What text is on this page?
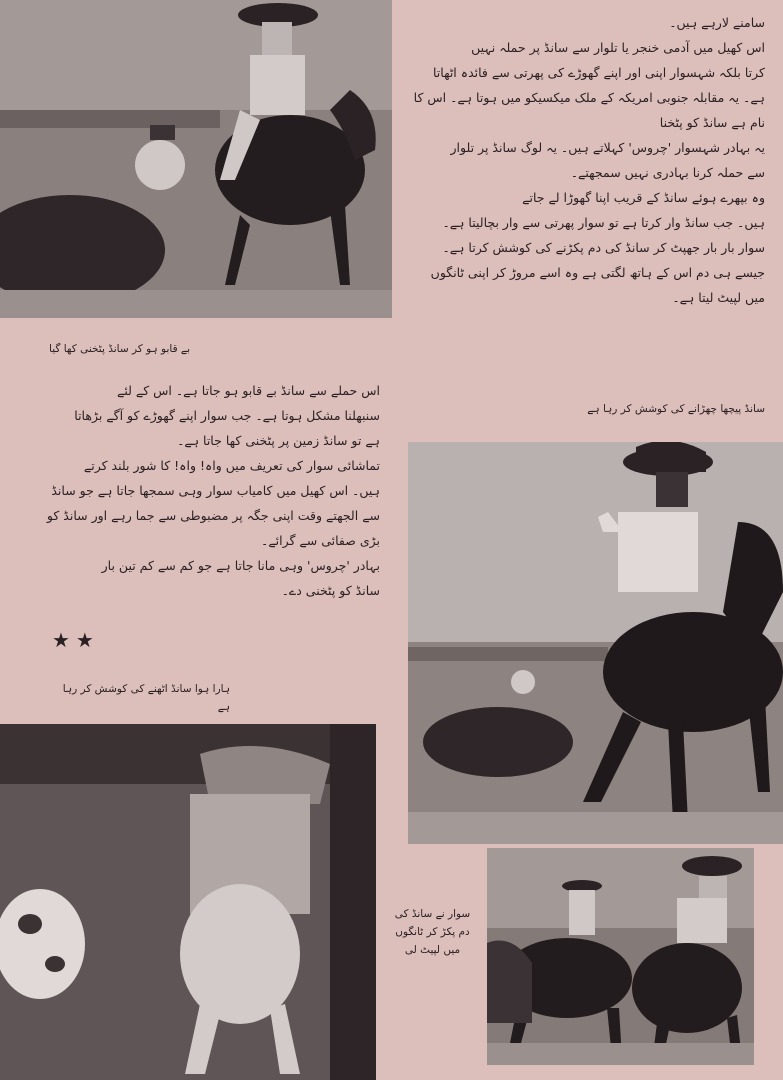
سامنے لارہے ہیں۔

اس کھیل میں آدمی خنجر یا تلوار سے سانڈ پر حملہ نہیں

کرتا بلکہ شہسوار اپنی اور اپنے گھوڑے کی پھرتی سے فائدہ اٹھاتا

ہے۔ یہ مقابلہ جنوبی امریکہ کے ملک میکسیکو میں ہوتا ہے۔ اس کا

نام ہے سانڈ کو پٹخنا

یہ بہادر شہسوار 'چروس' کہلاتے ہیں۔ یہ لوگ سانڈ پر تلوار

سے حملہ کرنا بہادری نہیں سمجھتے۔

وہ بپھرے ہوئے سانڈ کے قریب اپنا گھوڑا لے جاتے

ہیں۔ جب سانڈ وار کرتا ہے تو سوار پھرتی سے وار بچالیتا ہے۔

سوار بار بار جھپٹ کر سانڈ کی دم پکڑنے کی کوشش کرتا ہے۔

جیسے ہی دم اس کے ہاتھ لگتی ہے وہ اسے مروڑ کر اپنی ٹانگوں

میں لپیٹ لیتا ہے۔

بے قابو ہو کر سانڈ پٹخنی کھا گیا
سانڈ پیچھا چھڑانے کی کوشش کر رہا ہے

اس حملے سے سانڈ بے قابو ہو جاتا ہے۔ اس کے لئے

سنبھلنا مشکل ہوتا ہے۔ جب سوار اپنے گھوڑے کو آگے بڑھاتا

ہے تو سانڈ زمین پر پٹخنی کھا جاتا ہے۔

تماشائی سوار کی تعریف میں واہ! واہ! کا شور بلند کرتے

ہیں۔ اس کھیل میں کامیاب سوار وہی سمجھا جاتا ہے جو سانڈ

سے الجھتے وقت اپنی جگہ پر مضبوطی سے جما رہے اور سانڈ کو

بڑی صفائی سے گرائے۔

بہادر 'چروس' وہی مانا جاتا ہے جو کم سے کم تین بار

سانڈ کو پٹخنی دے۔

★★
ہارا ہوا سانڈ اٹھنے کی کوشش کر رہا ہے
سوار نے سانڈ کی
دم پکڑ کر ٹانگوں
میں لپیٹ لی
